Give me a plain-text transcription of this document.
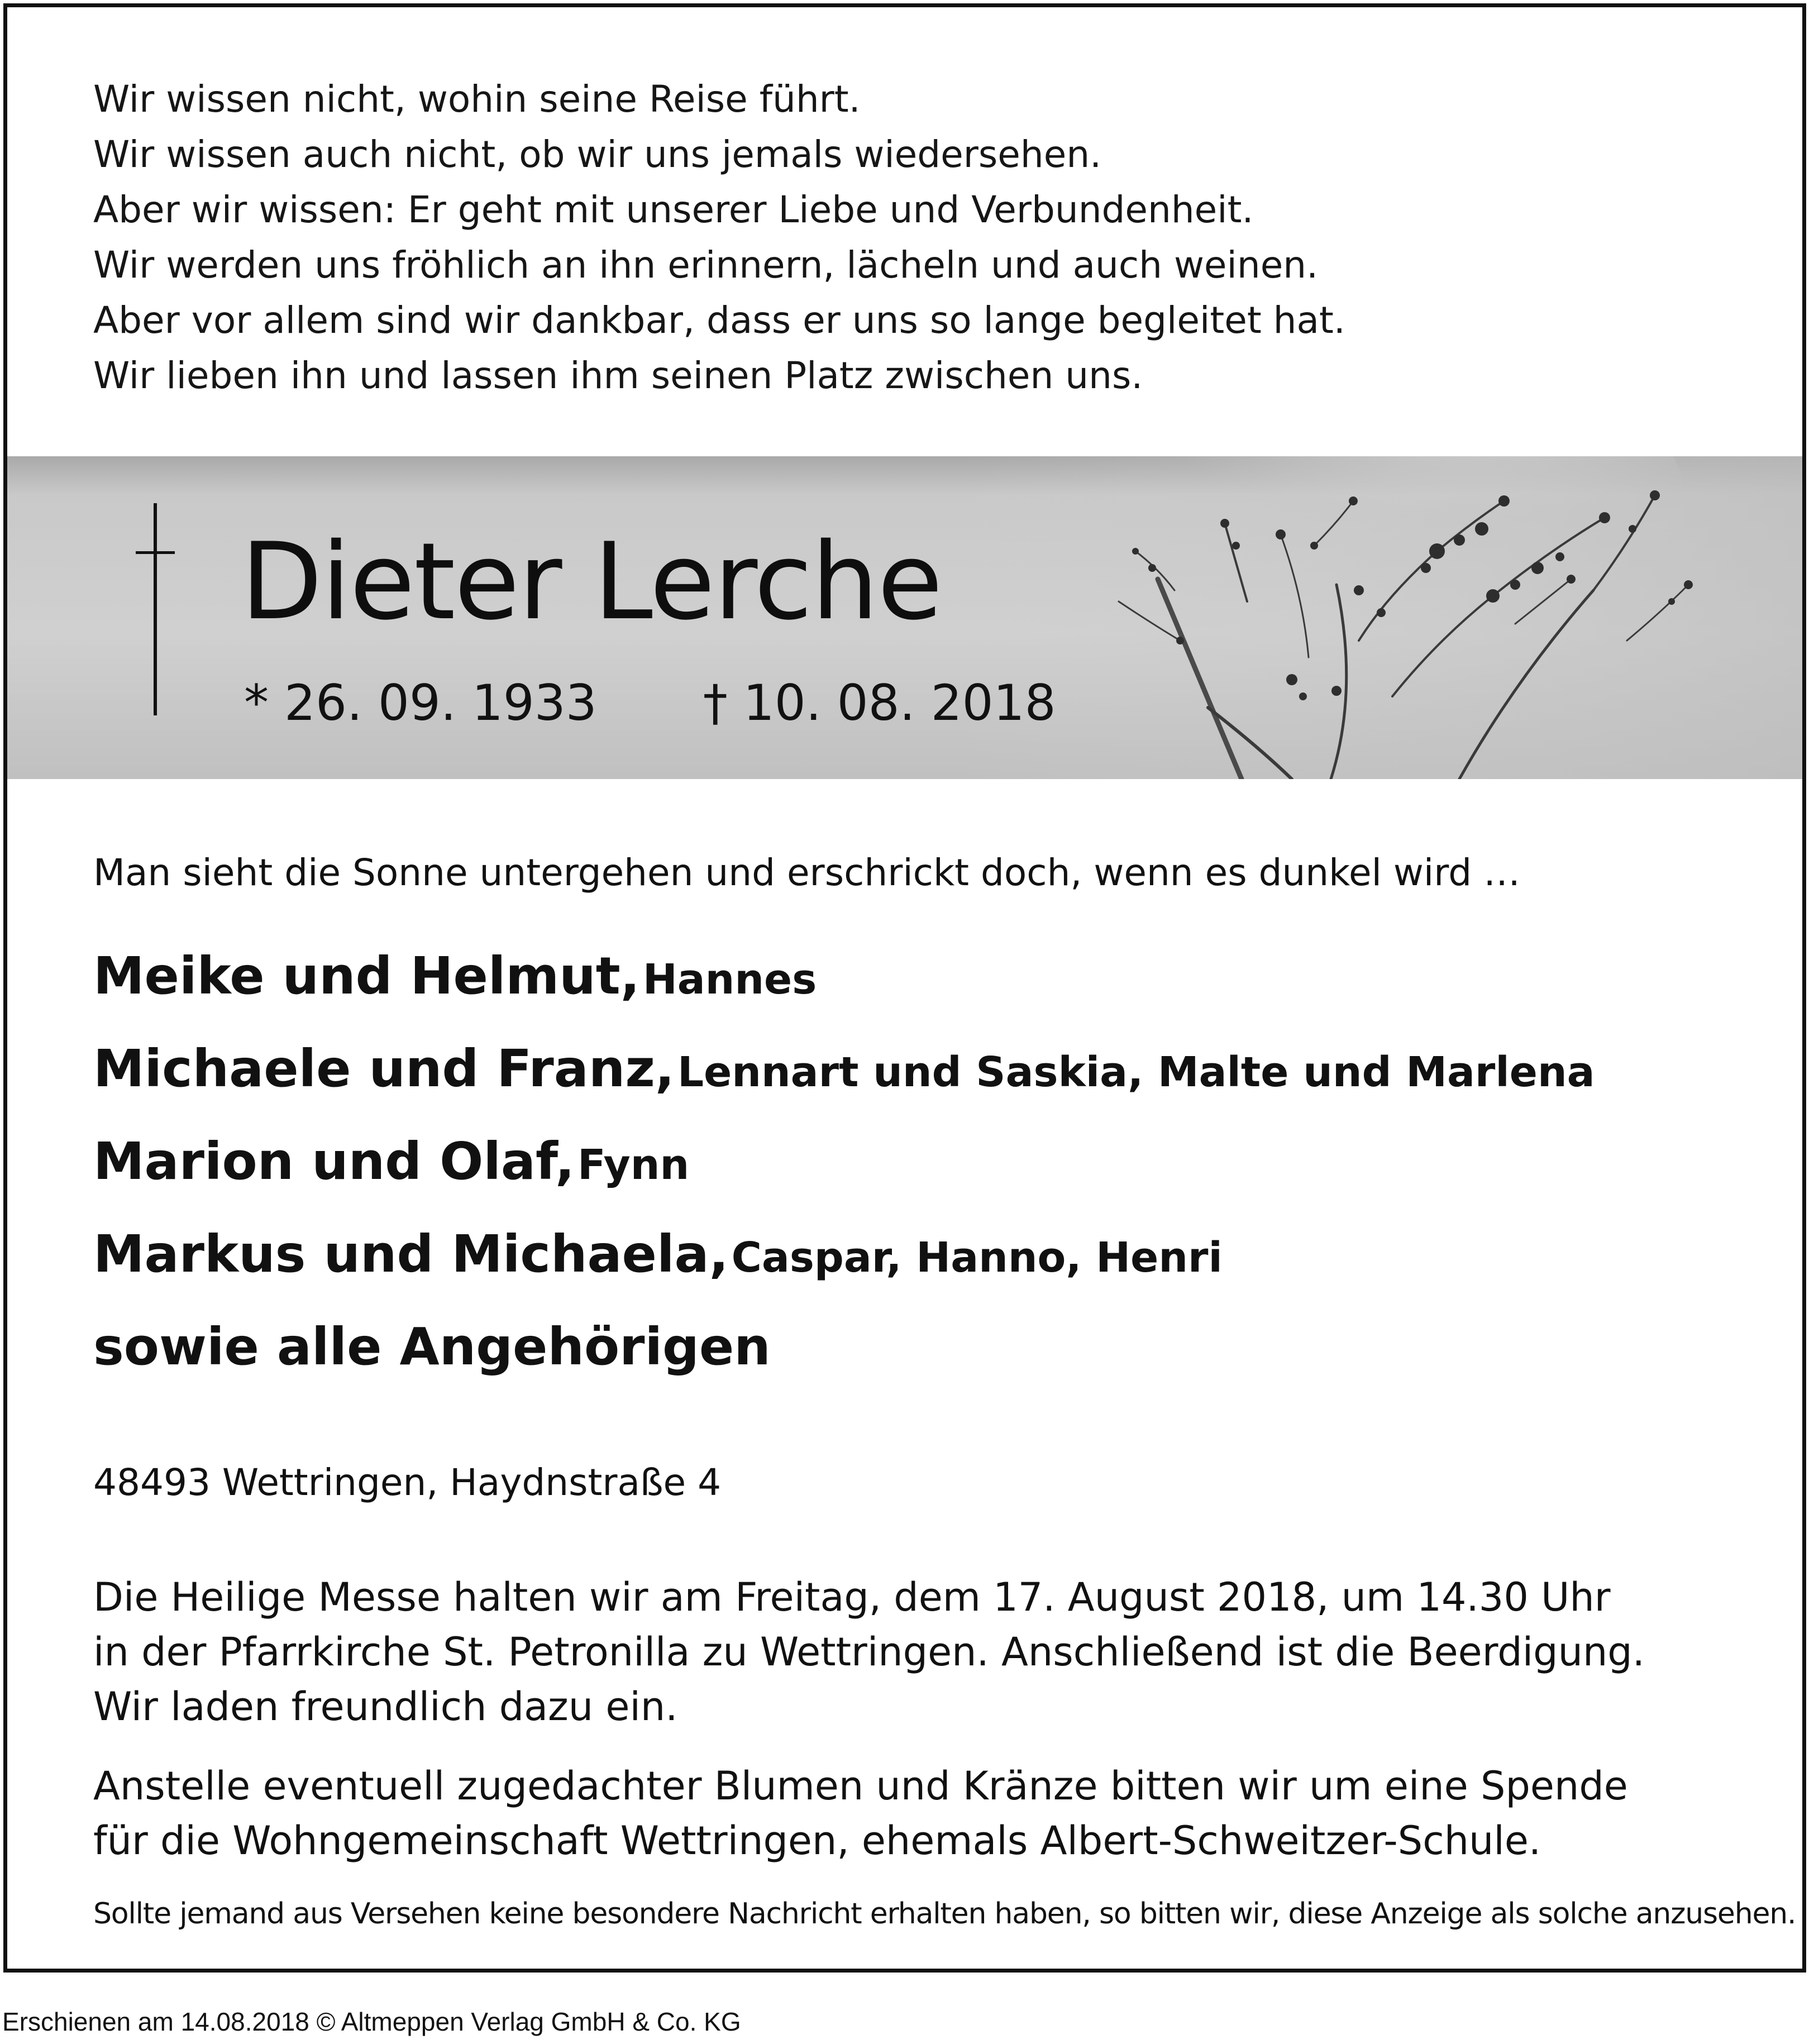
Wir wissen nicht, wohin seine Reise führt.
Wir wissen auch nicht, ob wir uns jemals wiedersehen.
Aber wir wissen: Er geht mit unserer Liebe und Verbundenheit.
Wir werden uns fröhlich an ihn erinnern, lächeln und auch weinen.
Aber vor allem sind wir dankbar, dass er uns so lange begleitet hat.
Wir lieben ihn und lassen ihm seinen Platz zwischen uns.
Dieter Lerche
* 26. 09. 1933 † 10. 08. 2018
Man sieht die Sonne untergehen und erschrickt doch, wenn es dunkel wird …
Meike und Helmut, Hannes
Michaele und Franz, Lennart und Saskia, Malte und Marlena
Marion und Olaf, Fynn
Markus und Michaela, Caspar, Hanno, Henri
sowie alle Angehörigen
48493 Wettringen, Haydnstraße 4
Die Heilige Messe halten wir am Freitag, dem 17. August 2018, um 14.30 Uhr
in der Pfarrkirche St. Petronilla zu Wettringen. Anschließend ist die Beerdigung.
Wir laden freundlich dazu ein.
Anstelle eventuell zugedachter Blumen und Kränze bitten wir um eine Spende
für die Wohngemeinschaft Wettringen, ehemals Albert-Schweitzer-Schule.
Sollte jemand aus Versehen keine besondere Nachricht erhalten haben, so bitten wir, diese Anzeige als solche anzusehen.
Erschienen am 14.08.2018 © Altmeppen Verlag GmbH & Co. KG
